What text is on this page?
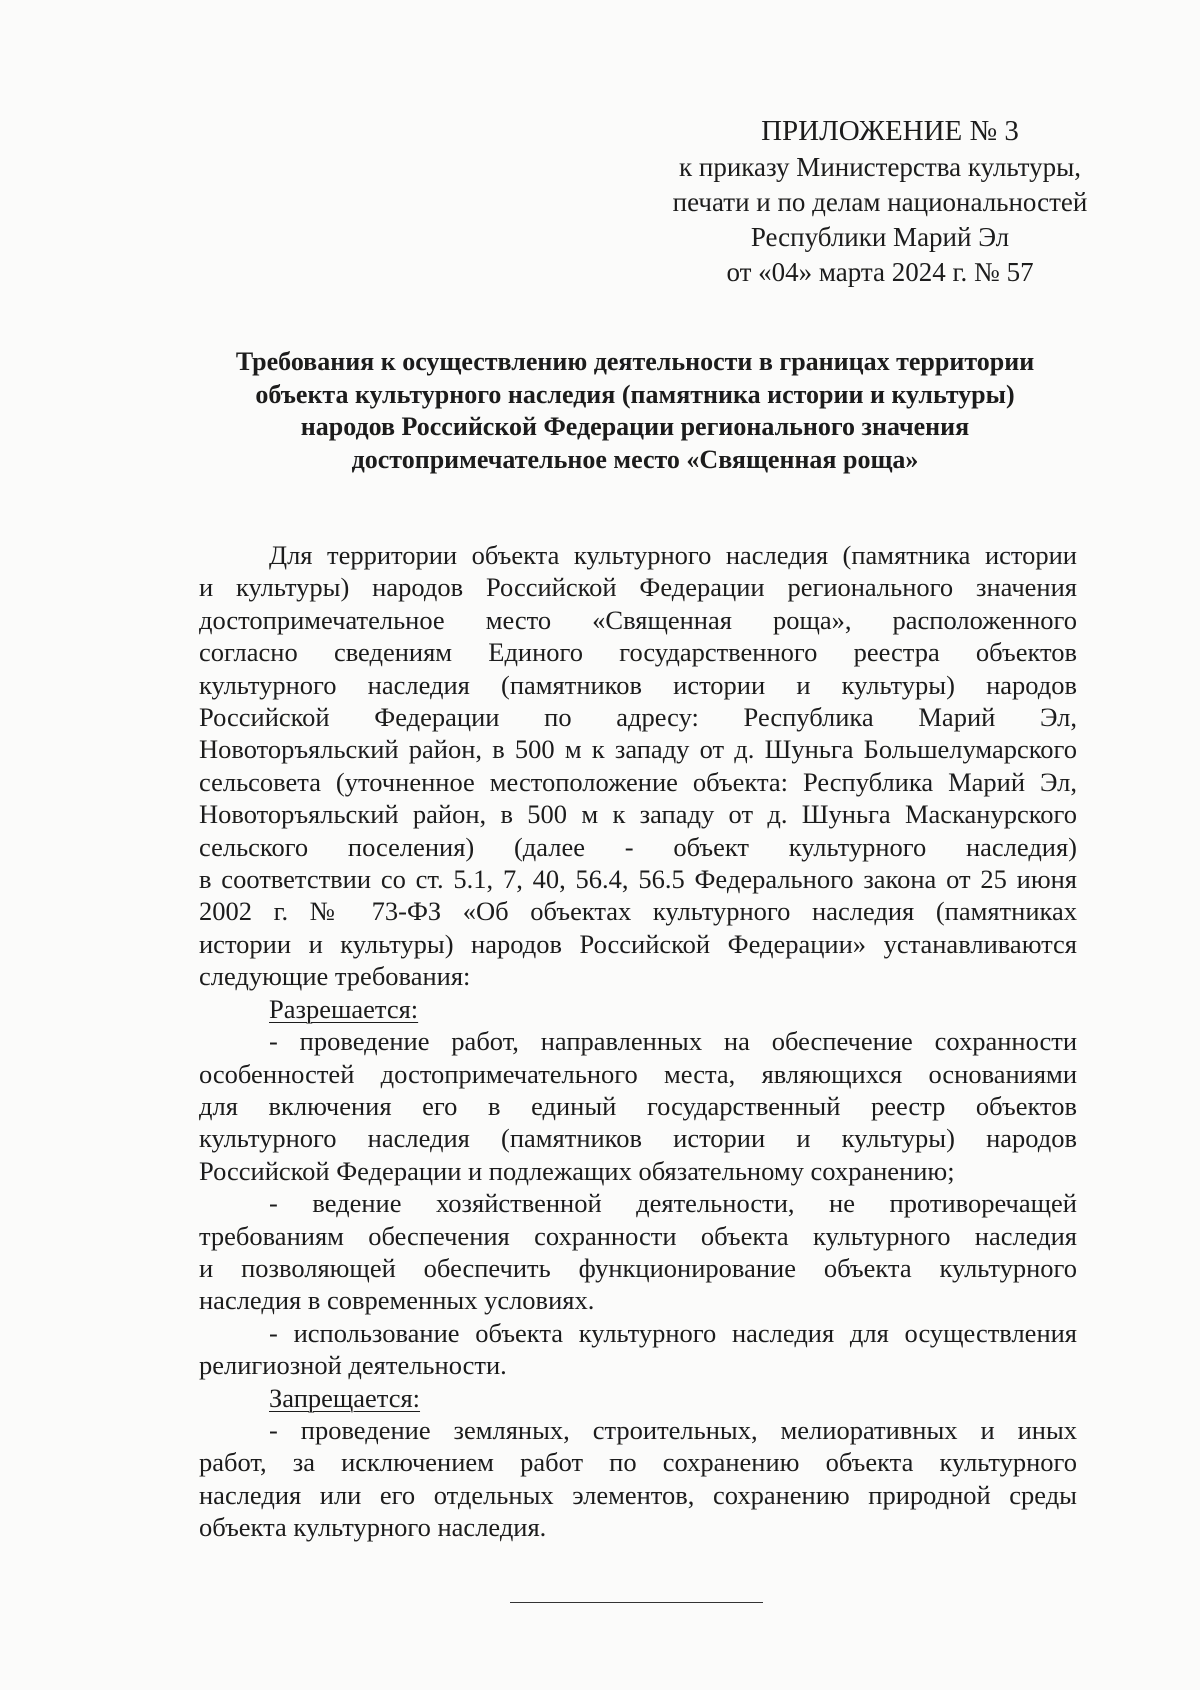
ПРИЛОЖЕНИЕ № 3
к приказу Министерства культуры,
печати и по делам национальностей
Республики Марий Эл
от «04» марта 2024 г. № 57
Требования к осуществлению деятельности в границах территории
объекта культурного наследия (памятника истории и культуры)
народов Российской Федерации регионального значения
достопримечательное место «Священная роща»
Для территории объекта культурного наследия (памятника истории
и культуры) народов Российской Федерации регионального значения
достопримечательное место «Священная роща», расположенного
согласно сведениям Единого государственного реестра объектов
культурного наследия (памятников истории и культуры) народов
Российской Федерации по адресу: Республика Марий Эл,
Новоторъяльский район, в 500 м к западу от д. Шуньга Большелумарского
сельсовета (уточненное местоположение объекта: Республика Марий Эл,
Новоторъяльский район, в 500 м к западу от д. Шуньга Масканурского
сельского поселения) (далее - объект культурного наследия)
в соответствии со ст. 5.1, 7, 40, 56.4, 56.5 Федерального закона от 25 июня
2002 г. № 73-ФЗ «Об объектах культурного наследия (памятниках
истории и культуры) народов Российской Федерации» устанавливаются
следующие требования:
Разрешается:
- проведение работ, направленных на обеспечение сохранности
особенностей достопримечательного места, являющихся основаниями
для включения его в единый государственный реестр объектов
культурного наследия (памятников истории и культуры) народов
Российской Федерации и подлежащих обязательному сохранению;
- ведение хозяйственной деятельности, не противоречащей
требованиям обеспечения сохранности объекта культурного наследия
и позволяющей обеспечить функционирование объекта культурного
наследия в современных условиях.
- использование объекта культурного наследия для осуществления
религиозной деятельности.
Запрещается:
- проведение земляных, строительных, мелиоративных и иных
работ, за исключением работ по сохранению объекта культурного
наследия или его отдельных элементов, сохранению природной среды
объекта культурного наследия.
